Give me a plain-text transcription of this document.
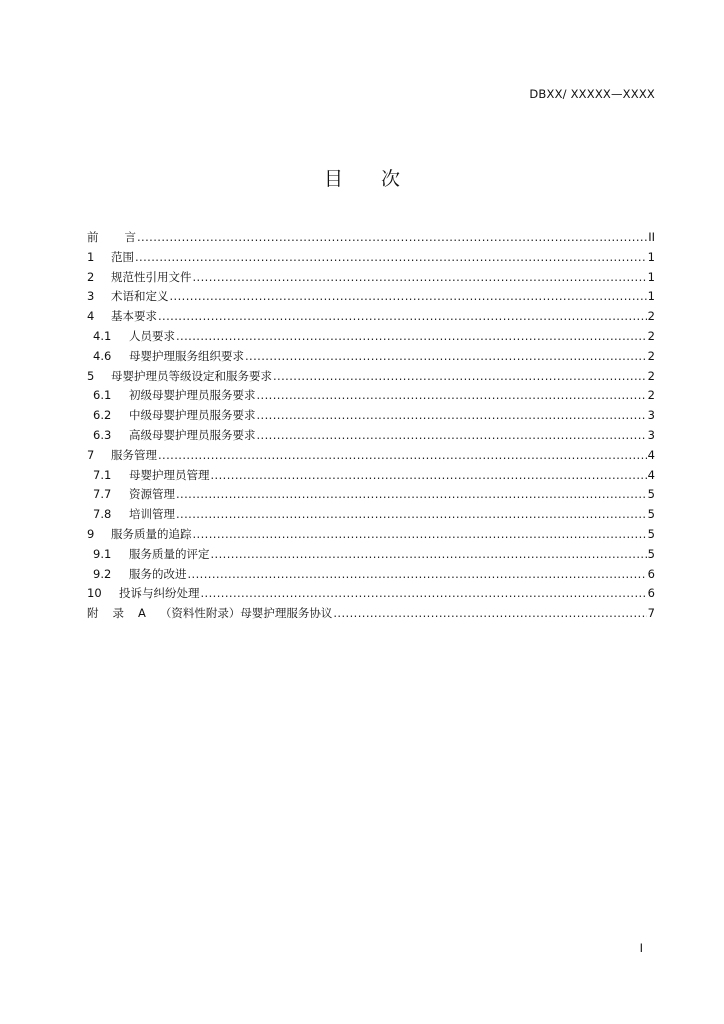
DBXX/ XXXXX—XXXX
目 次
前 言 .....	II
1	范围 .....	1
2	规范性引用文件 .....	1
3	术语和定义 .....	1
4	基本要求 .....	2
4.1	人员要求 .....	2
4.6	母婴护理服务组织要求 .....	2
5	母婴护理员等级设定和服务要求 .....	2
6.1	初级母婴护理员服务要求 .....	2
6.2	中级母婴护理员服务要求 .....	3
6.3	高级母婴护理员服务要求 .....	3
7	服务管理 .....	4
7.1	母婴护理员管理 .....	4
7.7	资源管理 .....	5
7.8	培训管理 .....	5
9	服务质量的追踪 .....	5
9.1	服务质量的评定 .....	5
9.2	服务的改进 .....	6
10	投诉与纠纷处理 .....	6
附 录 A （资料性附录）母婴护理服务协议 .....	7
I
